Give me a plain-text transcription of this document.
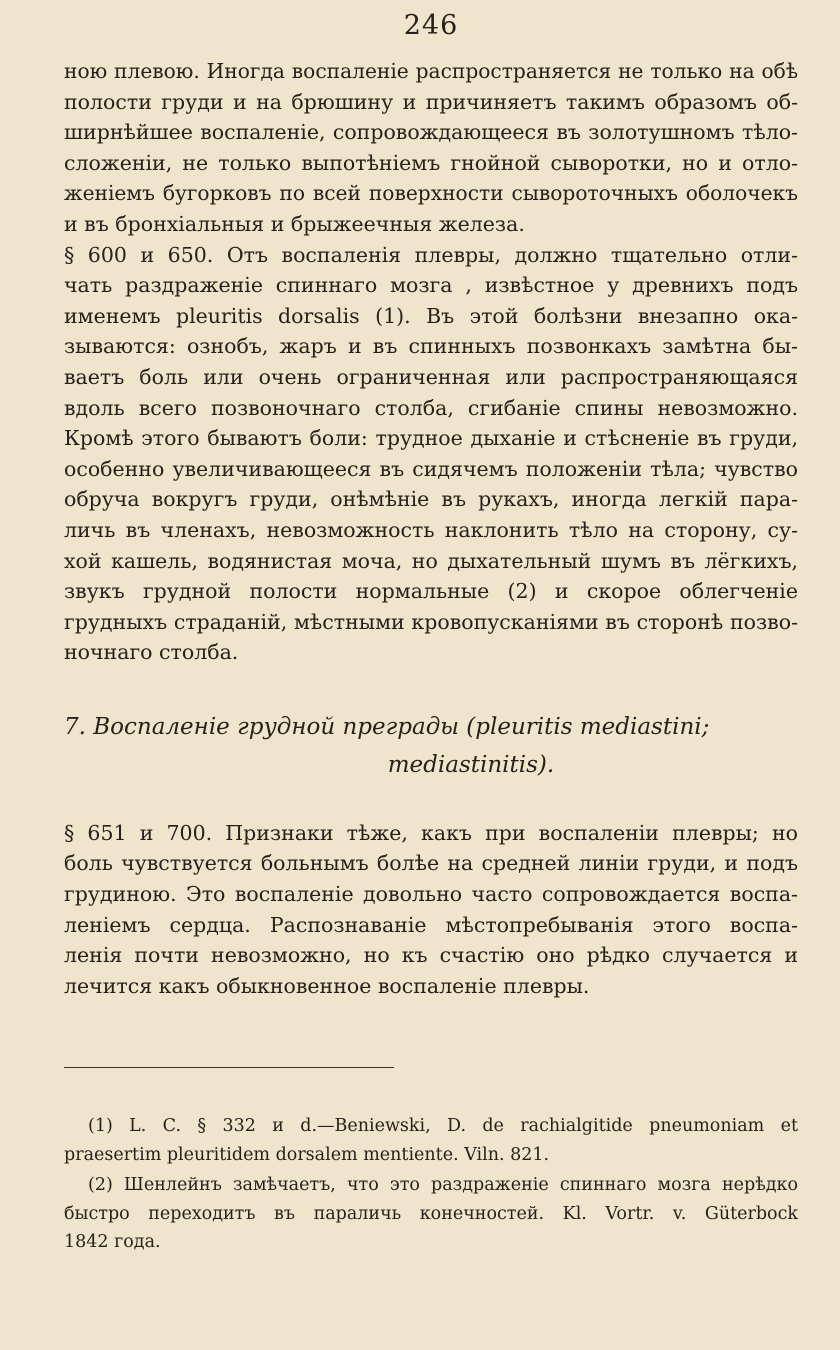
246

ною плевою. Иногда воспаленіе распространяется не только на обѣ
полости груди и на брюшину и причиняетъ такимъ образомъ об-
ширнѣйшее воспаленіе, сопровождающееся въ золотушномъ тѣло-
сложеніи, не только выпотѣніемъ гнойной сыворотки, но и отло-
женіемъ бугорковъ по всей поверхности сывороточныхъ оболочекъ
и въ бронхіальныя и брыжеечныя железа.

§ 600 и 650. Отъ воспаленія плевры, должно тщательно отли-
чать раздраженіе спиннаго мозга , извѣстное у древнихъ подъ
именемъ pleuritis dorsalis (1). Въ этой болѣзни внезапно ока-
зываются: ознобъ, жаръ и въ спинныхъ позвонкахъ замѣтна бы-
ваетъ боль или очень ограниченная или распространяющаяся
вдоль всего позвоночнаго столба, сгибаніе спины невозможно.
Кромѣ этого бываютъ боли: трудное дыханіе и стѣсненіе въ груди,
особенно увеличивающееся въ сидячемъ положеніи тѣла; чувство
обруча вокругъ груди, онѣмѣніе въ рукахъ, иногда легкій пара-
личь въ членахъ, невозможность наклонить тѣло на сторону, су-
хой кашель, водянистая моча, но дыхательный шумъ въ лёгкихъ,
звукъ грудной полости нормальные (2) и скорое облегченіе
грудныхъ страданій, мѣстными кровопусканіями въ сторонѣ позво-
ночнаго столба.

7. Воспаленіе грудной преграды (pleuritis mediastini;
mediastinitis).

§ 651 и 700. Признаки тѣже, какъ при воспаленіи плевры; но
боль чувствуется больнымъ болѣе на средней линіи груди, и подъ
грудиною. Это воспаленіе довольно часто сопровождается воспа-
леніемъ сердца. Распознаваніе мѣстопребыванія этого воспа-
ленія почти невозможно, но къ счастію оно рѣдко случается и
лечится какъ обыкновенное воспаленіе плевры.

(1) L. C. § 332 и d.—Beniewski, D. de rachialgitide pneumoniam et
praesertim pleuritidem dorsalem mentiente. Viln. 821.

(2) Шенлейнъ замѣчаетъ, что это раздраженіе спиннаго мозга нерѣдко
быстро переходитъ въ параличь конечностей. Kl. Vortr. v. Güterbock
1842 года.
